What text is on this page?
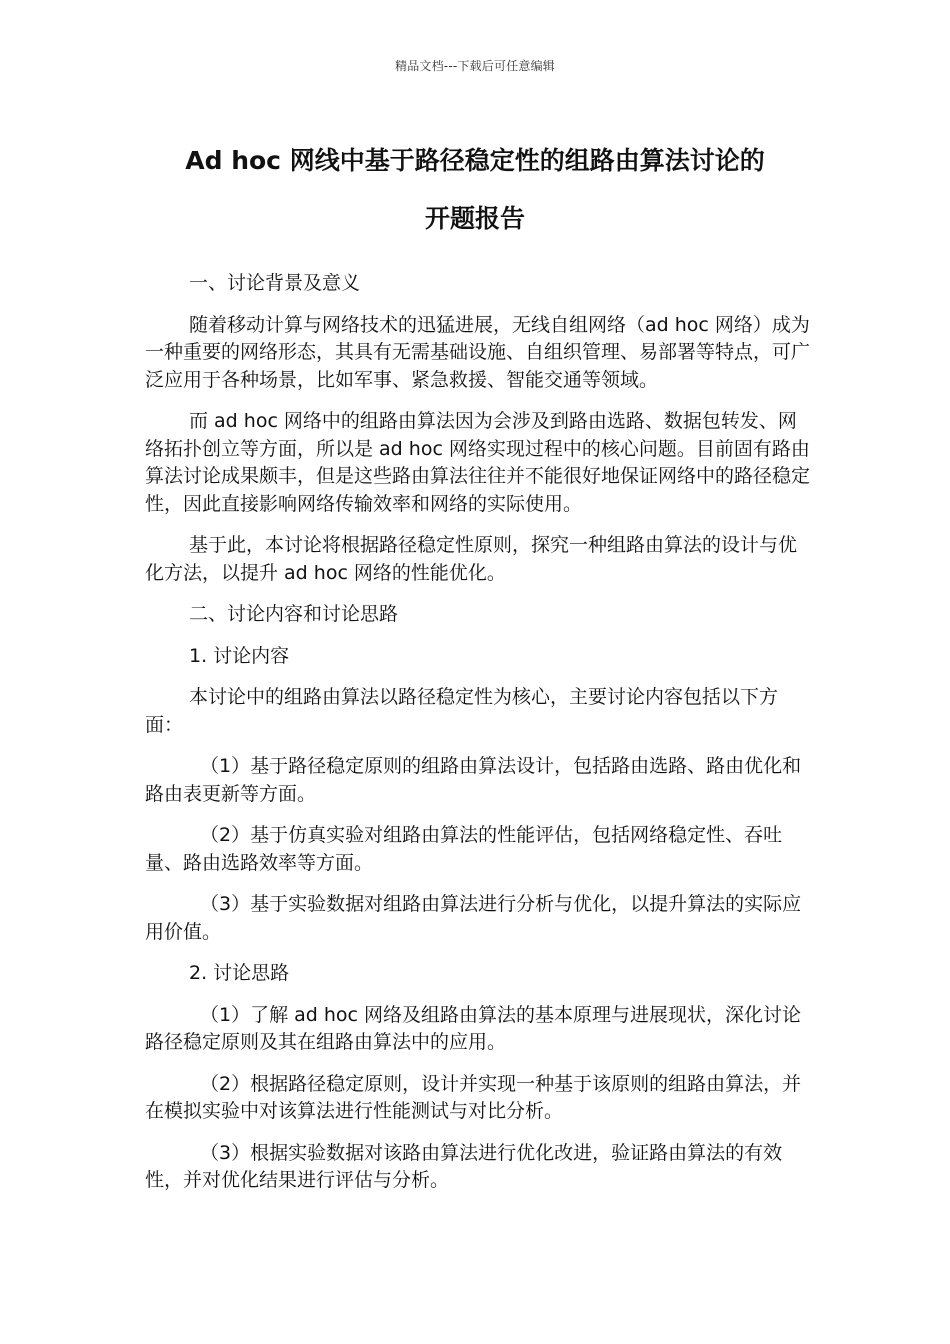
精品文档---下载后可任意编辑
Ad hoc 网线中基于路径稳定性的组路由算法讨论的
开题报告

一、讨论背景及意义

随着移动计算与网络技术的迅猛进展，无线自组网络（ad hoc 网络）成为一种重要的网络形态，其具有无需基础设施、自组织管理、易部署等特点，可广泛应用于各种场景，比如军事、紧急救援、智能交通等领域。

而 ad hoc 网络中的组路由算法因为会涉及到路由选路、数据包转发、网络拓扑创立等方面，所以是 ad hoc 网络实现过程中的核心问题。目前固有路由算法讨论成果颇丰，但是这些路由算法往往并不能很好地保证网络中的路径稳定性，因此直接影响网络传输效率和网络的实际使用。

基于此，本讨论将根据路径稳定性原则，探究一种组路由算法的设计与优化方法，以提升 ad hoc 网络的性能优化。

二、讨论内容和讨论思路

1. 讨论内容

本讨论中的组路由算法以路径稳定性为核心，主要讨论内容包括以下方面：

（1）基于路径稳定原则的组路由算法设计，包括路由选路、路由优化和路由表更新等方面。

（2）基于仿真实验对组路由算法的性能评估，包括网络稳定性、吞吐量、路由选路效率等方面。

（3）基于实验数据对组路由算法进行分析与优化，以提升算法的实际应用价值。

2. 讨论思路

（1）了解 ad hoc 网络及组路由算法的基本原理与进展现状，深化讨论路径稳定原则及其在组路由算法中的应用。

（2）根据路径稳定原则，设计并实现一种基于该原则的组路由算法，并在模拟实验中对该算法进行性能测试与对比分析。

（3）根据实验数据对该路由算法进行优化改进，验证路由算法的有效性，并对优化结果进行评估与分析。
